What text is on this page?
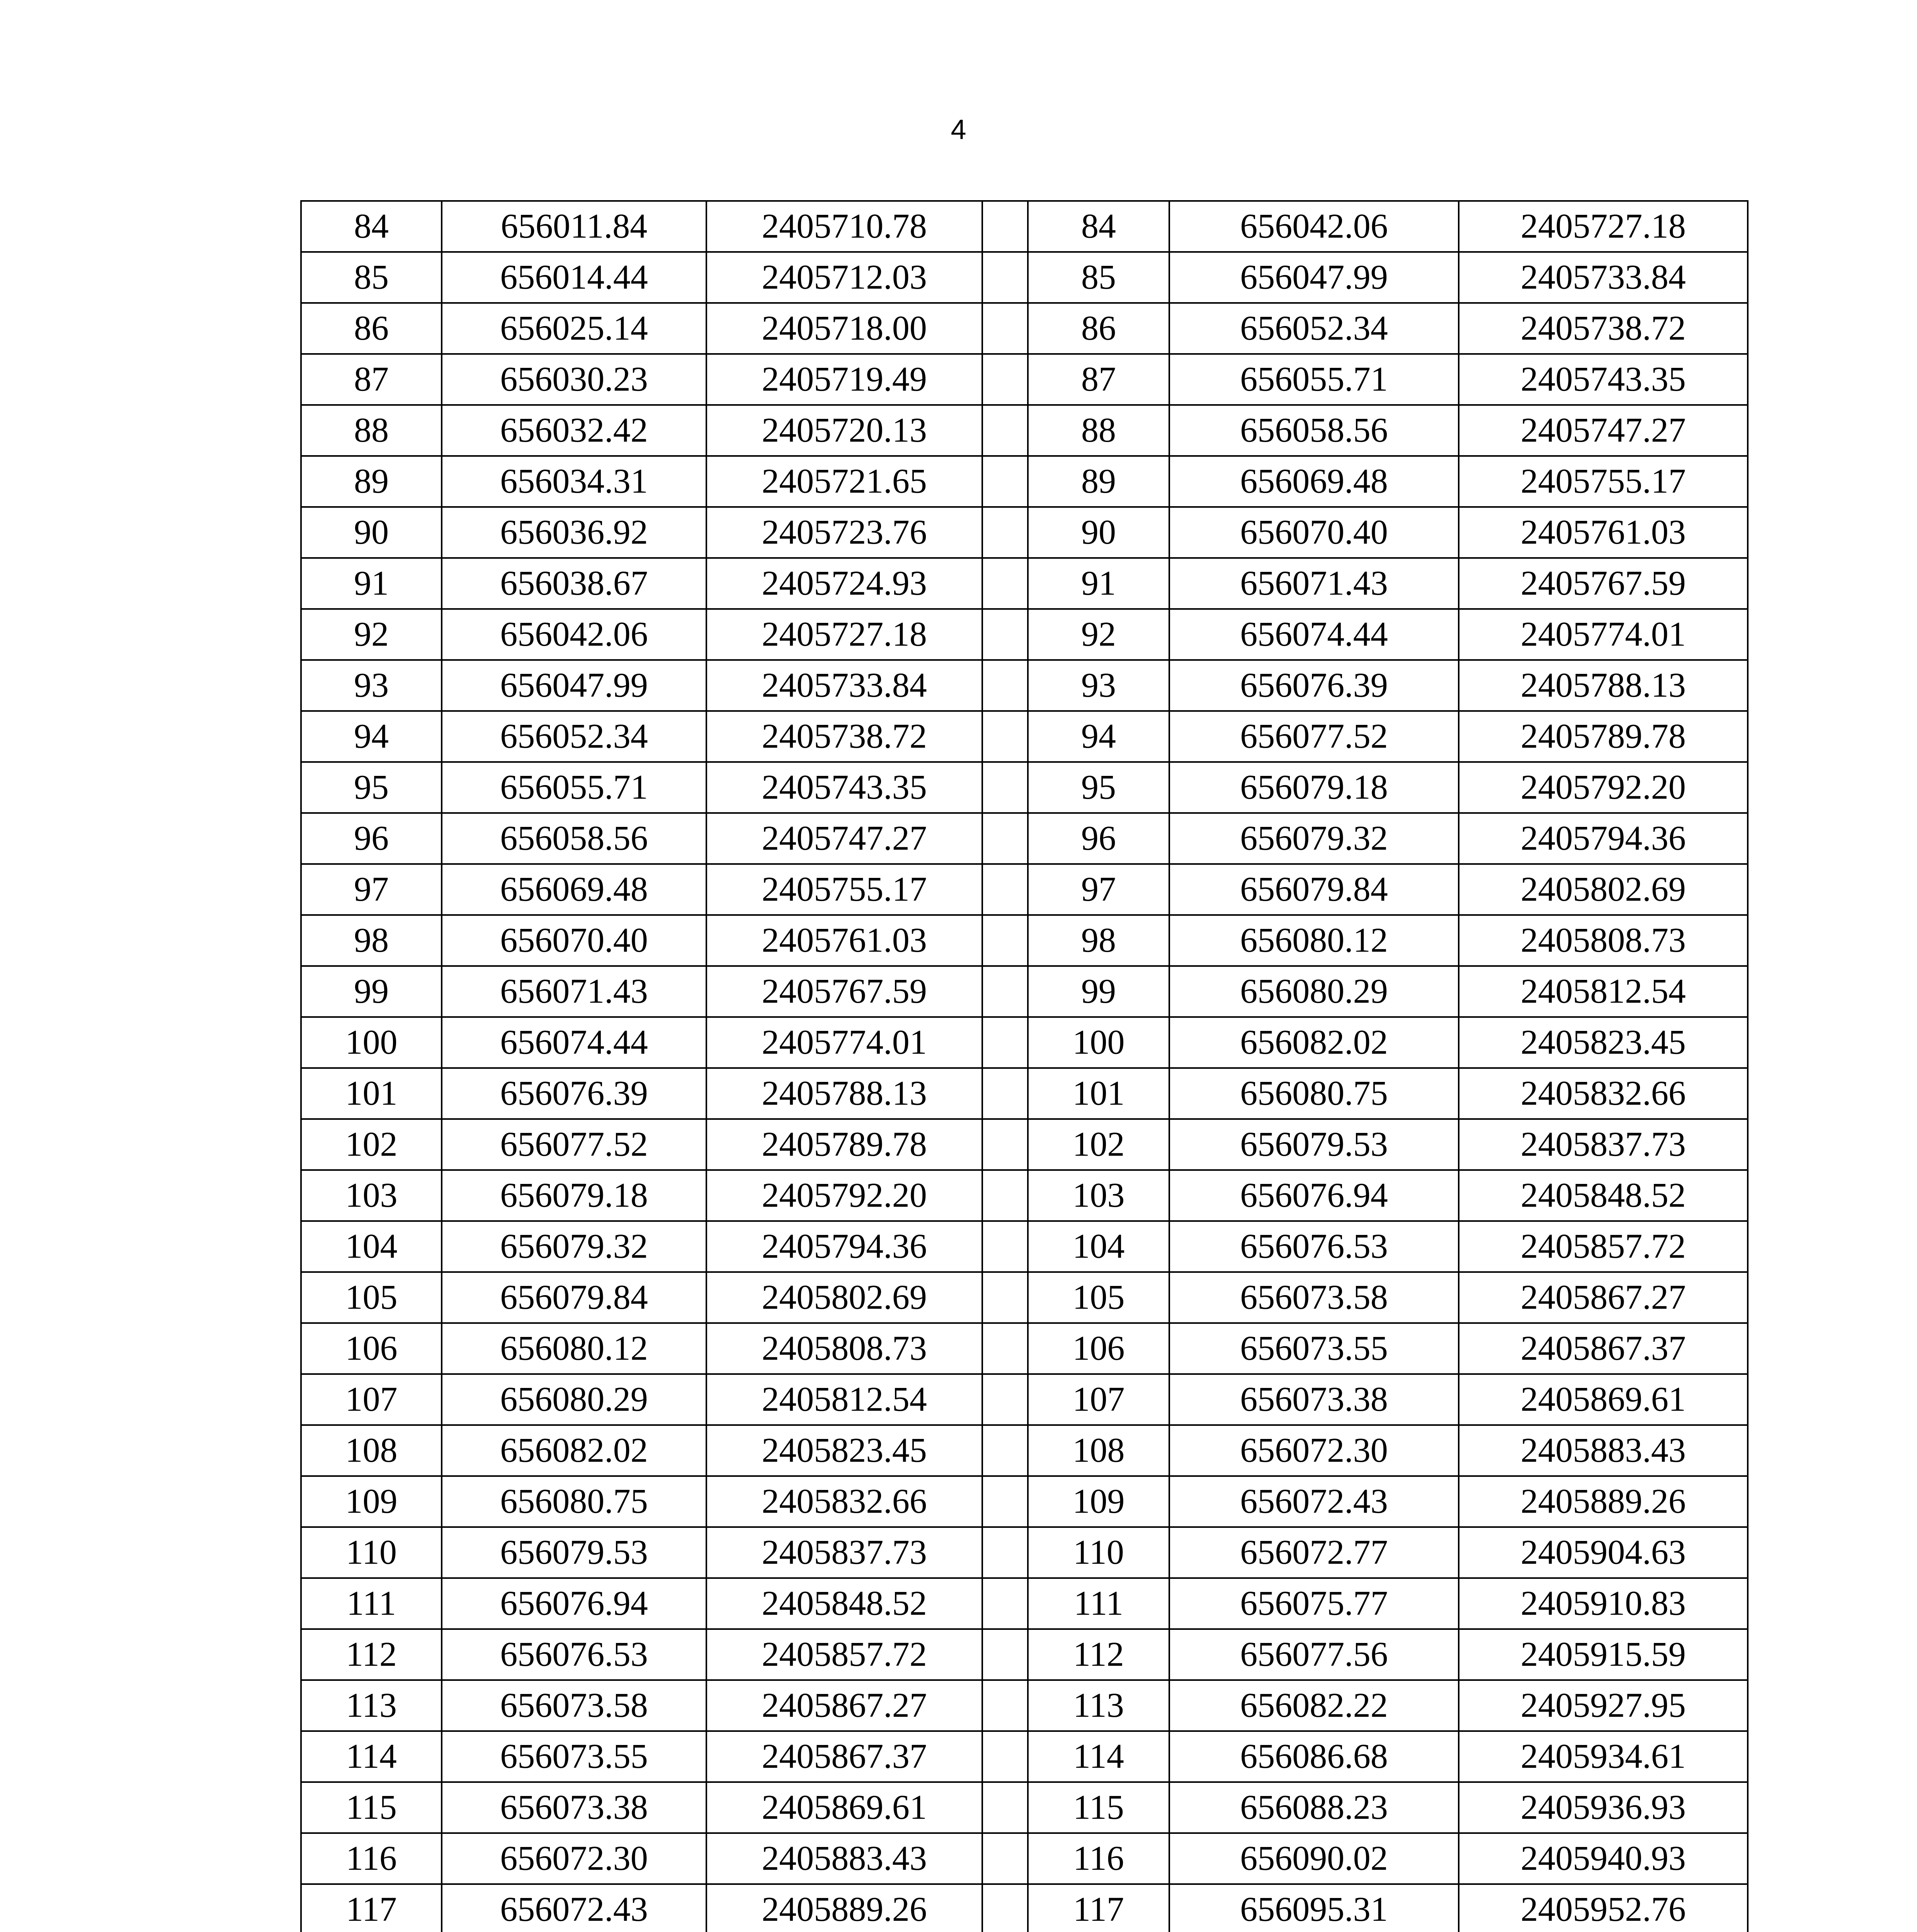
4
84	656011.84	2405710.78		84	656042.06	2405727.18
85	656014.44	2405712.03		85	656047.99	2405733.84
86	656025.14	2405718.00		86	656052.34	2405738.72
87	656030.23	2405719.49		87	656055.71	2405743.35
88	656032.42	2405720.13		88	656058.56	2405747.27
89	656034.31	2405721.65		89	656069.48	2405755.17
90	656036.92	2405723.76		90	656070.40	2405761.03
91	656038.67	2405724.93		91	656071.43	2405767.59
92	656042.06	2405727.18		92	656074.44	2405774.01
93	656047.99	2405733.84		93	656076.39	2405788.13
94	656052.34	2405738.72		94	656077.52	2405789.78
95	656055.71	2405743.35		95	656079.18	2405792.20
96	656058.56	2405747.27		96	656079.32	2405794.36
97	656069.48	2405755.17		97	656079.84	2405802.69
98	656070.40	2405761.03		98	656080.12	2405808.73
99	656071.43	2405767.59		99	656080.29	2405812.54
100	656074.44	2405774.01		100	656082.02	2405823.45
101	656076.39	2405788.13		101	656080.75	2405832.66
102	656077.52	2405789.78		102	656079.53	2405837.73
103	656079.18	2405792.20		103	656076.94	2405848.52
104	656079.32	2405794.36		104	656076.53	2405857.72
105	656079.84	2405802.69		105	656073.58	2405867.27
106	656080.12	2405808.73		106	656073.55	2405867.37
107	656080.29	2405812.54		107	656073.38	2405869.61
108	656082.02	2405823.45		108	656072.30	2405883.43
109	656080.75	2405832.66		109	656072.43	2405889.26
110	656079.53	2405837.73		110	656072.77	2405904.63
111	656076.94	2405848.52		111	656075.77	2405910.83
112	656076.53	2405857.72		112	656077.56	2405915.59
113	656073.58	2405867.27		113	656082.22	2405927.95
114	656073.55	2405867.37		114	656086.68	2405934.61
115	656073.38	2405869.61		115	656088.23	2405936.93
116	656072.30	2405883.43		116	656090.02	2405940.93
117	656072.43	2405889.26		117	656095.31	2405952.76
